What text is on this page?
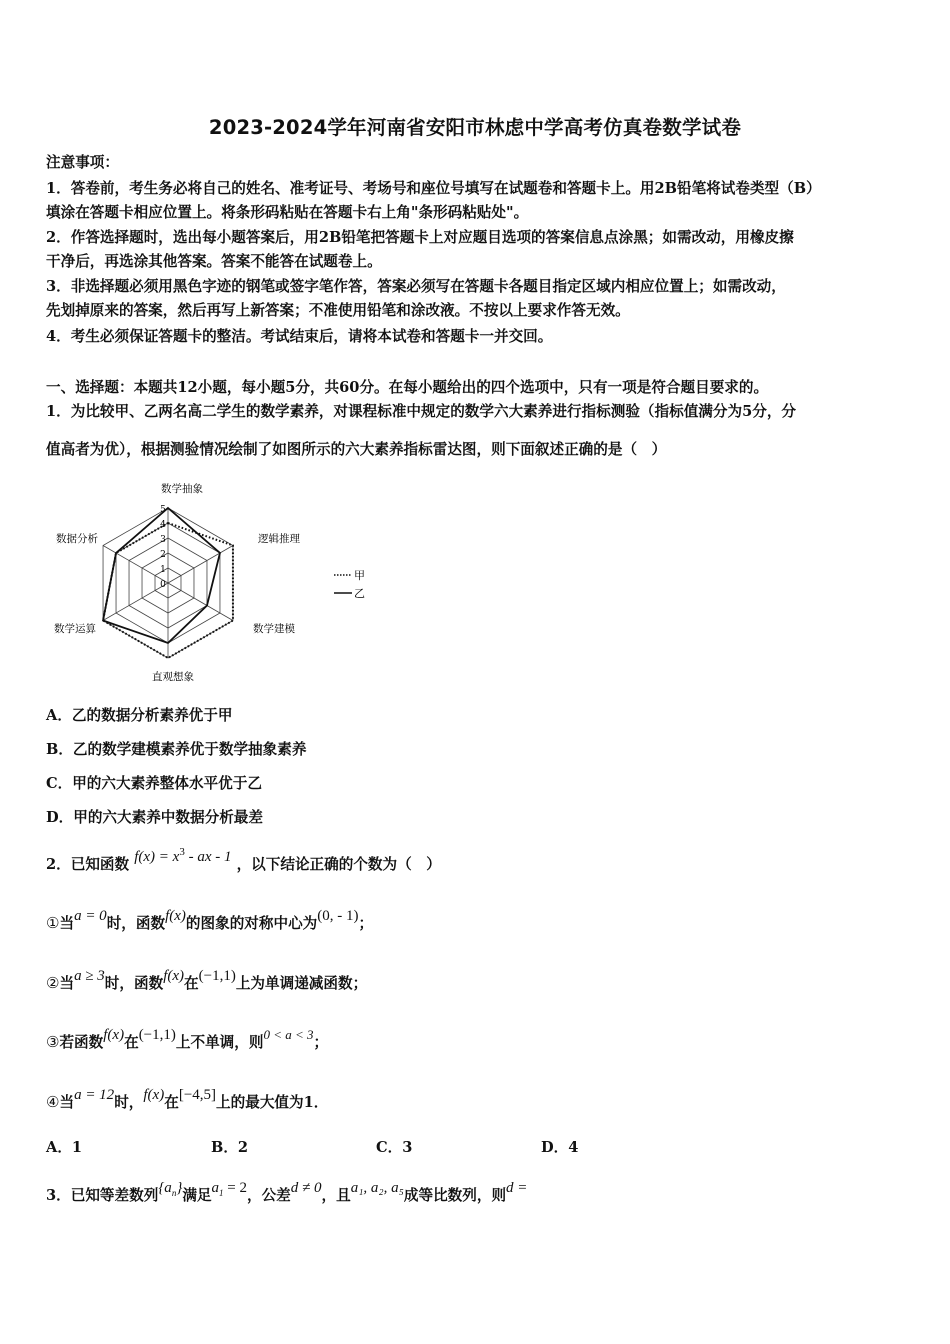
2023-2024学年河南省安阳市林虑中学高考仿真卷数学试卷
注意事项：
1．答卷前，考生务必将自己的姓名、准考证号、考场号和座位号填写在试题卷和答题卡上。用2B铅笔将试卷类型（B）
填涂在答题卡相应位置上。将条形码粘贴在答题卡右上角"条形码粘贴处"。
2．作答选择题时，选出每小题答案后，用2B铅笔把答题卡上对应题目选项的答案信息点涂黑；如需改动，用橡皮擦
干净后，再选涂其他答案。答案不能答在试题卷上。
3．非选择题必须用黑色字迹的钢笔或签字笔作答，答案必须写在答题卡各题目指定区域内相应位置上；如需改动，
先划掉原来的答案，然后再写上新答案；不准使用铅笔和涂改液。不按以上要求作答无效。
4．考生必须保证答题卡的整洁。考试结束后，请将本试卷和答题卡一并交回。
一、选择题：本题共12小题，每小题5分，共60分。在每小题给出的四个选项中，只有一项是符合题目要求的。
1．为比较甲、乙两名高二学生的数学素养，对课程标准中规定的数学六大素养进行指标测验（指标值满分为5分，分
值高者为优），根据测验情况绘制了如图所示的六大素养指标雷达图，则下面叙述正确的是（　）
0
1
2
3
4
5
数学抽象
逻辑推理
数学建模
直观想象
数学运算
数据分析
甲
乙
A．乙的数据分析素养优于甲
B．乙的数学建模素养优于数学抽象素养
C．甲的六大素养整体水平优于乙
D．甲的六大素养中数据分析最差
2．已知函数 $f(x) = x^3$ - ax - 1 ，以下结论正确的个数为（　）
①当a = 0时，函数f(x)的图象的对称中心为(0, - 1)；
②当a ≥ 3时，函数f(x)在(−1,1)上为单调递减函数；
③若函数f(x)在(−1,1)上不单调，则0 < a < 3；
④当a = 12时，f(x)在[−4,5]上的最大值为1．
A．1	B．2	C．3	D．4
3．已知等差数列$\{a_n\}$满足$a_1 = 2$，公差d ≠ 0，且a₁, a₂, a₅成等比数列，则d =
